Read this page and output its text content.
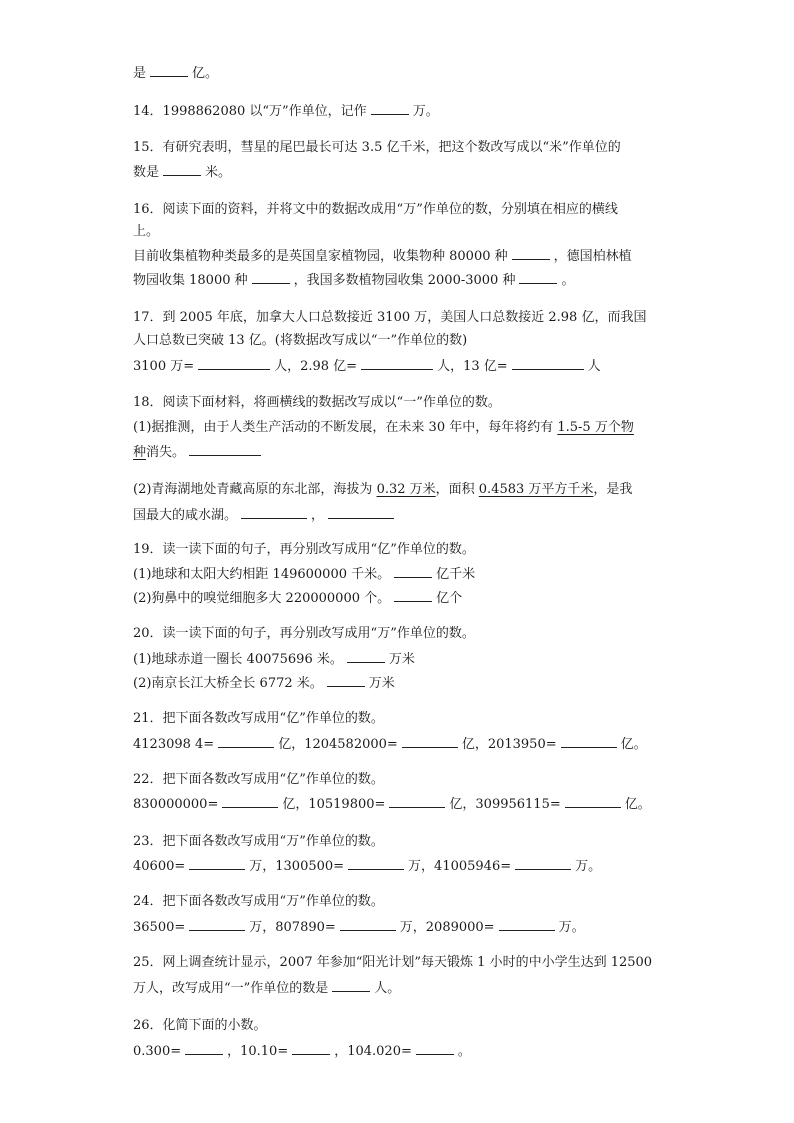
是	亿。
14．1998862080 以“万”作单位，记作	万。
15．有研究表明，彗星的尾巴最长可达 3.5 亿千米，把这个数改写成以“米”作单位的
数是	米。
16．阅读下面的资料，并将文中的数据改成用“万”作单位的数，分别填在相应的横线
上。
目前收集植物种类最多的是英国皇家植物园，收集物种 80000 种	，德国柏林植
物园收集 18000 种	，我国多数植物园收集 2000-3000 种	。
17．到 2005 年底，加拿大人口总数接近 3100 万，美国人口总数接近 2.98 亿，而我国
人口总数已突破 13 亿。(将数据改写成以“一”作单位的数)
3100 万=	人，2.98 亿=	人，13 亿=	人
18．阅读下面材料，将画横线的数据改写成以“一”作单位的数。
(1)据推测，由于人类生产活动的不断发展，在未来 30 年中，每年将约有 1.5-5 万个物
种消失。
(2)青海湖地处青藏高原的东北部，海拔为 0.32 万米，面积 0.4583 万平方千米，是我
国最大的咸水湖。	，
19．读一读下面的句子，再分别改写成用“亿”作单位的数。
(1)地球和太阳大约相距 149600000 千米。	亿千米
(2)狗鼻中的嗅觉细胞多大 220000000 个。	亿个
20．读一读下面的句子，再分别改写成用“万”作单位的数。
(1)地球赤道一圈长 40075696 米。	万米
(2)南京长江大桥全长 6772 米。	万米
21．把下面各数改写成用“亿”作单位的数。
4123098 4=	亿，1204582000=	亿，2013950=	亿。
22．把下面各数改写成用“亿”作单位的数。
830000000=	亿，10519800=	亿，309956115=	亿。
23．把下面各数改写成用“万”作单位的数。
40600=	万，1300500=	万，41005946=	万。
24．把下面各数改写成用“万”作单位的数。
36500=	万，807890=	万，2089000=	万。
25．网上调查统计显示，2007 年参加“阳光计划”每天锻炼 1 小时的中小学生达到 12500
万人，改写成用“一”作单位的数是	人。
26．化简下面的小数。
0.300=	，10.10=	，104.020=	。
